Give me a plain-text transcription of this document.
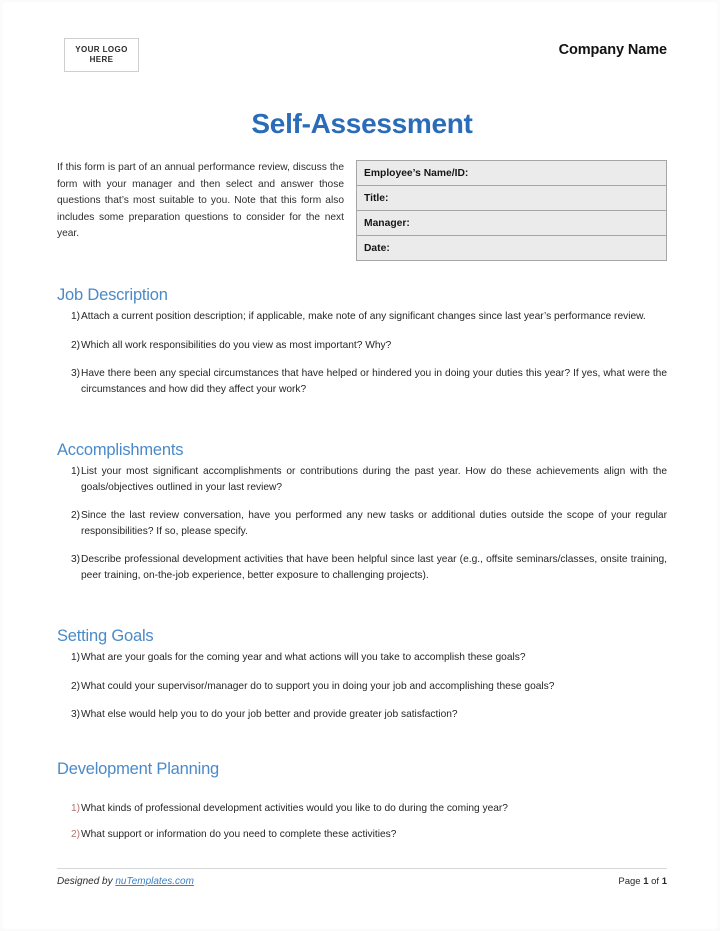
YOUR LOGO
HERE
Company Name
Self-Assessment
If this form is part of an annual performance review, discuss the form with your manager and then select and answer those questions that’s most suitable to you. Note that this form also includes some preparation questions to consider for the next year.
Employee’s Name/ID:
Title:
Manager:
Date:
Job Description
1) Attach a current position description; if applicable, make note of any significant changes since last year’s performance review.
2) Which all work responsibilities do you view as most important? Why?
3) Have there been any special circumstances that have helped or hindered you in doing your duties this year? If yes, what were the circumstances and how did they affect your work?
Accomplishments
1) List your most significant accomplishments or contributions during the past year. How do these achievements align with the goals/objectives outlined in your last review?
2) Since the last review conversation, have you performed any new tasks or additional duties outside the scope of your regular responsibilities? If so, please specify.
3) Describe professional development activities that have been helpful since last year (e.g., offsite seminars/classes, onsite training, peer training, on-the-job experience, better exposure to challenging projects).
Setting Goals
1) What are your goals for the coming year and what actions will you take to accomplish these goals?
2) What could your supervisor/manager do to support you in doing your job and accomplishing these goals?
3) What else would help you to do your job better and provide greater job satisfaction?
Development Planning
1) What kinds of professional development activities would you like to do during the coming year?
2) What support or information do you need to complete these activities?
Designed by nuTemplates.com	Page 1 of 1
